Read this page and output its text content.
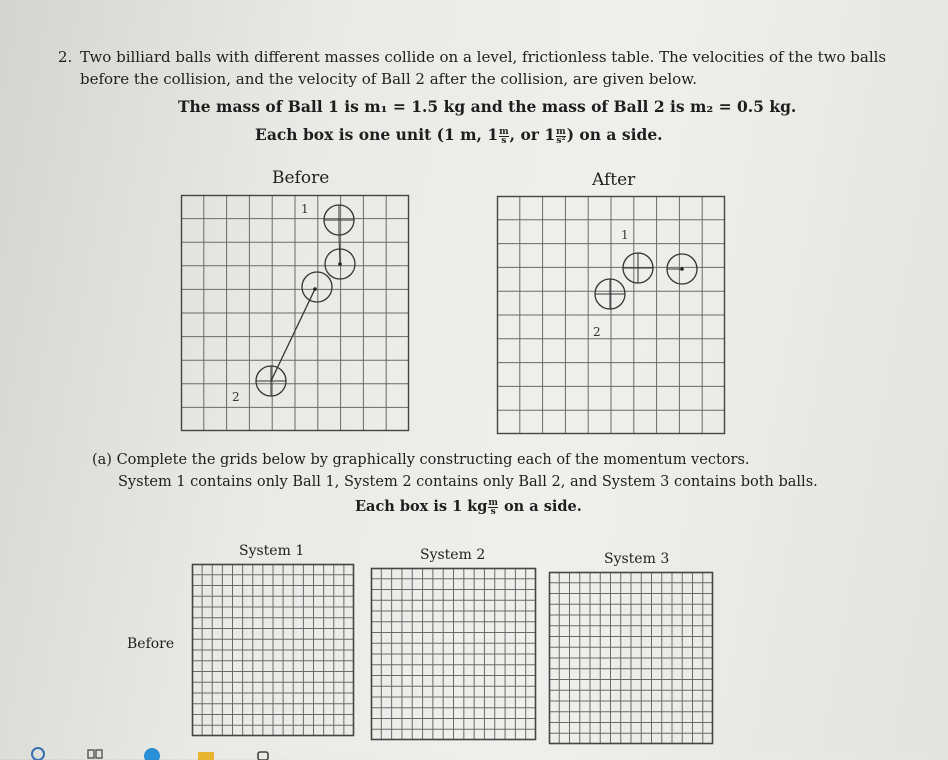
2. Two billiard balls with different masses collide on a level, frictionless table. The velocities of the two balls
before the collision, and the velocity of Ball 2 after the collision, are given below.
The mass of Ball 1 is m₁ = 1.5 kg and the mass of Ball 2 is m₂ = 0.5 kg.
Each box is one unit (1 m, $1 \frac{m}{s}$ , or $1 \frac{m}{\text{s²}}$ ) on a side.
Before	After
1
2
1
2
(a) Complete the grids below by graphically constructing each of the momentum vectors.
System 1 contains only Ball 1, System 2 contains only Ball 2, and System 3 contains both balls.
Each box is 1 kg $\frac{m}{s}$ on a side.
System 1	System 2	System 3
Before
